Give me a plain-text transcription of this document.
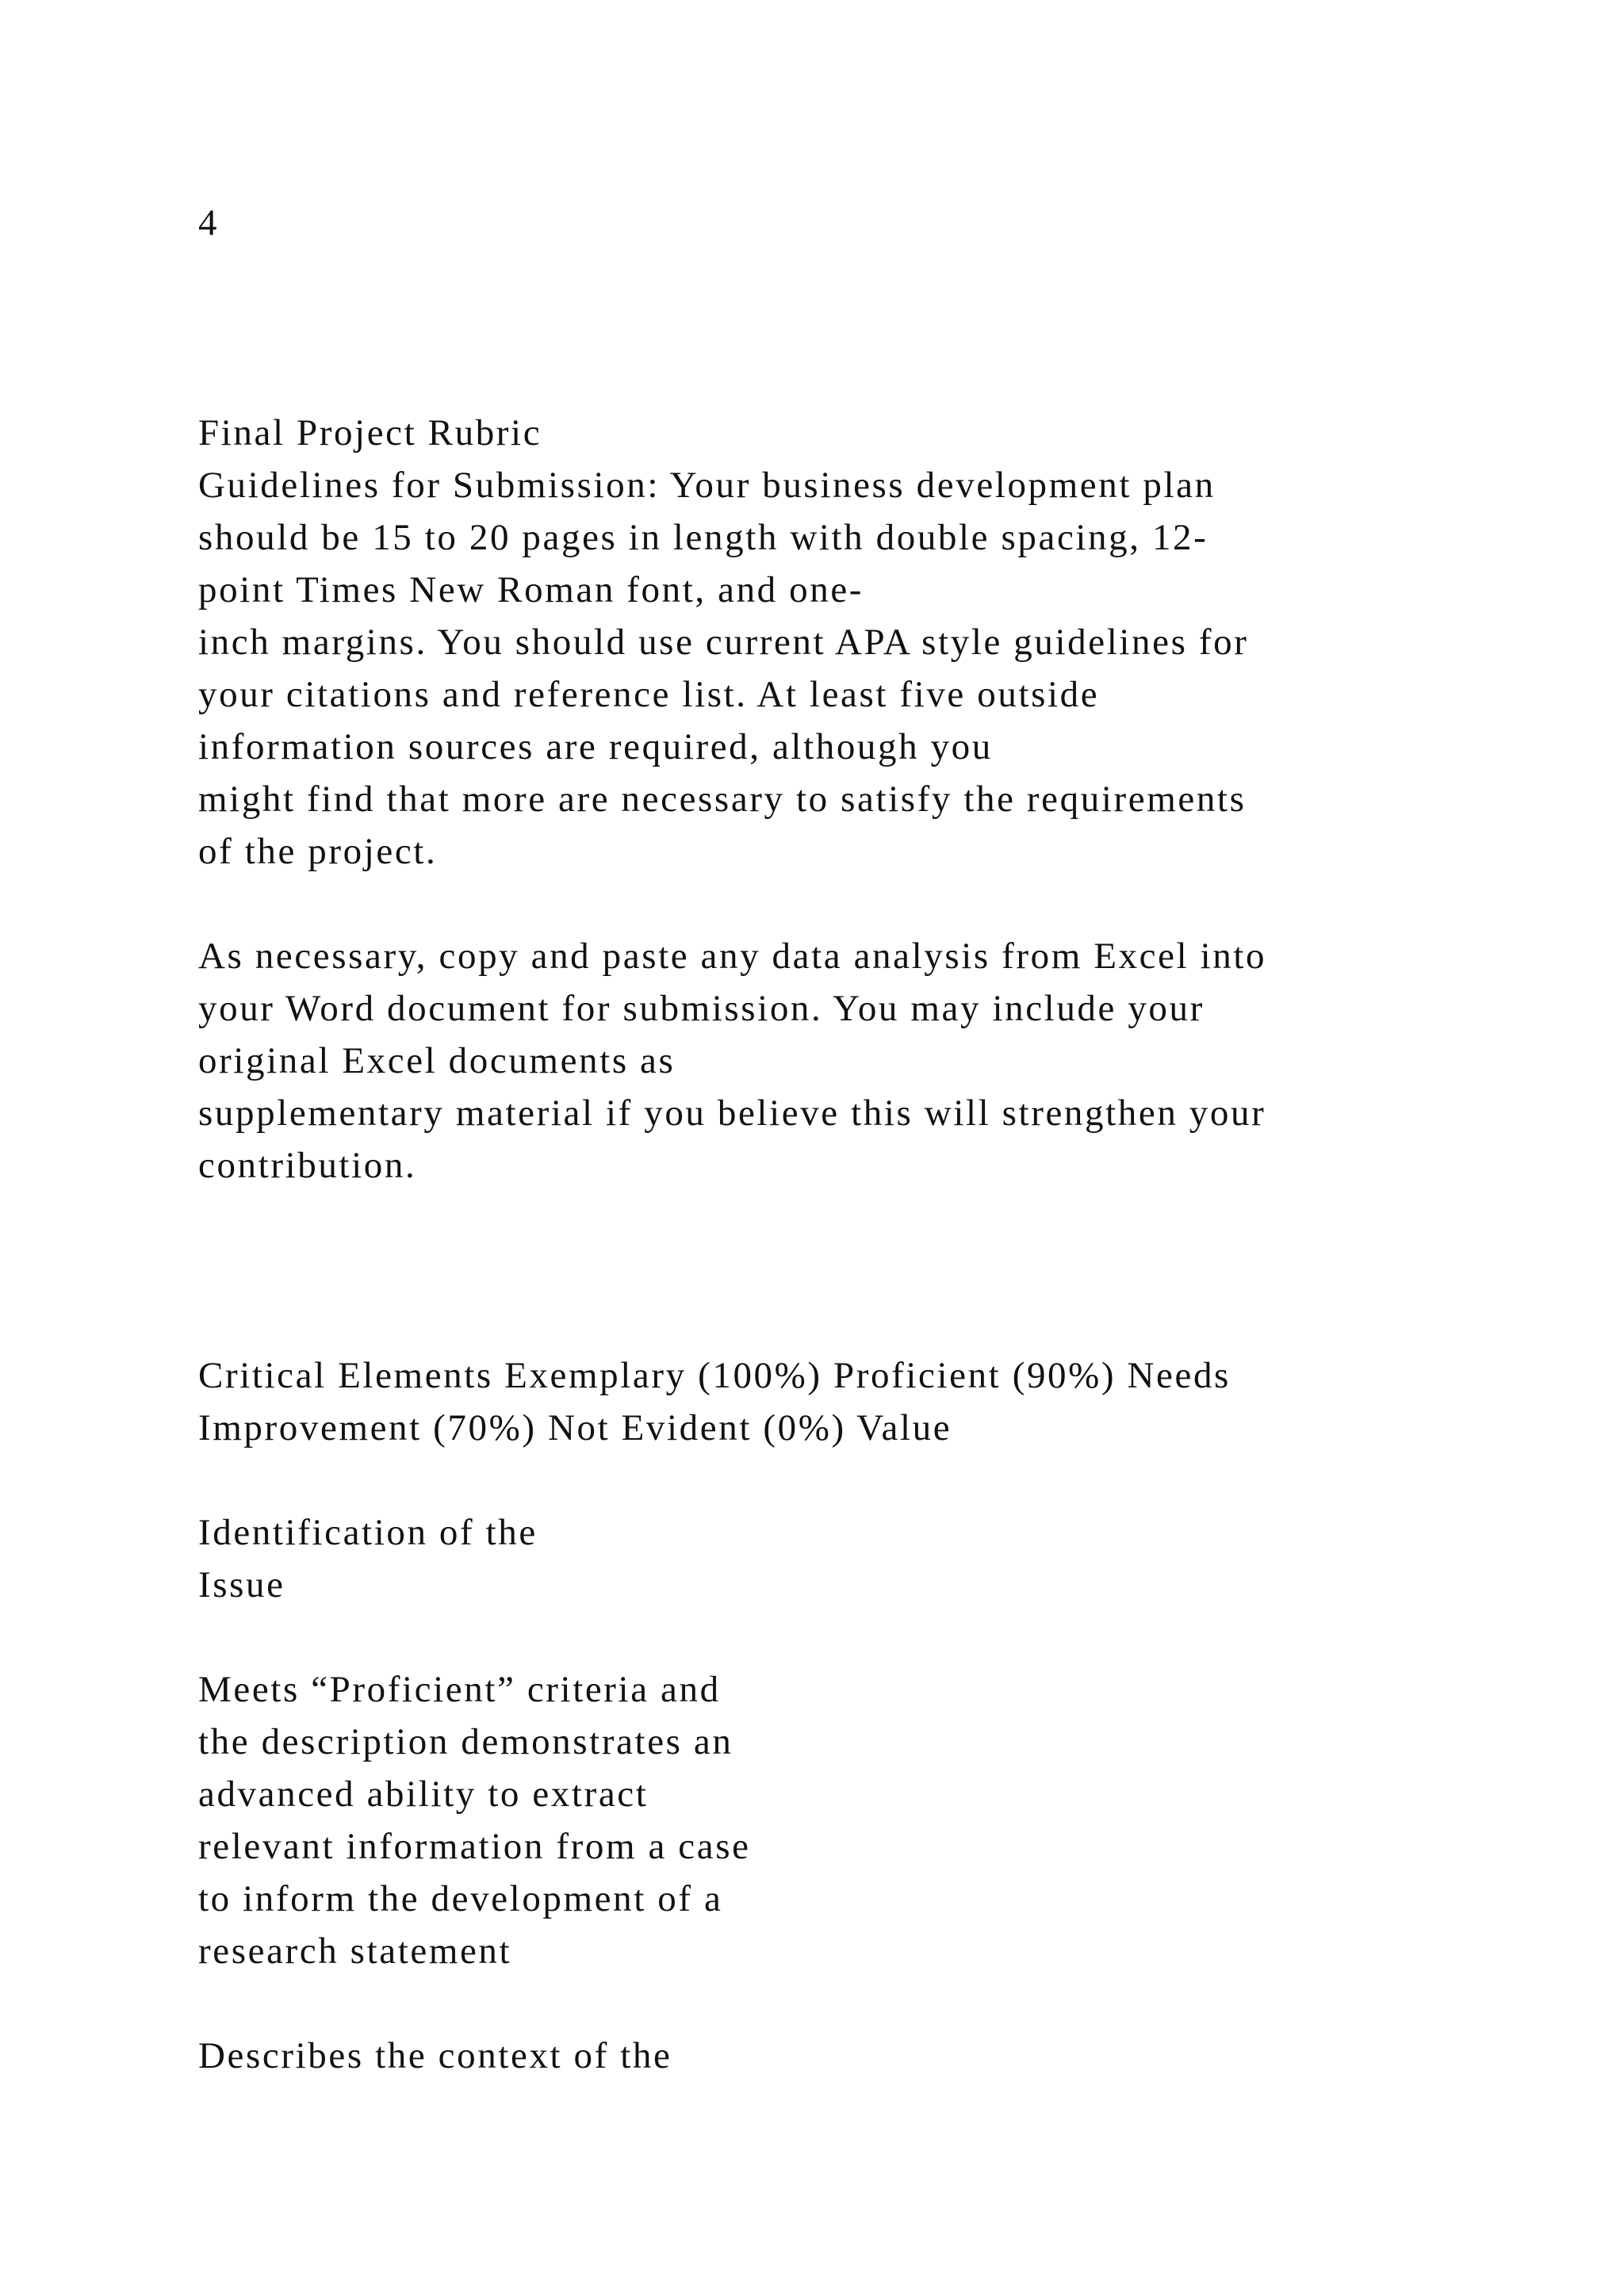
4
Final Project Rubric
Guidelines for Submission: Your business development plan
should be 15 to 20 pages in length with double spacing, 12-
point Times New Roman font, and one-
inch margins. You should use current APA style guidelines for
your citations and reference list. At least five outside
information sources are required, although you
might find that more are necessary to satisfy the requirements
of the project.
As necessary, copy and paste any data analysis from Excel into
your Word document for submission. You may include your
original Excel documents as
supplementary material if you believe this will strengthen your
contribution.
Critical Elements Exemplary (100%) Proficient (90%) Needs
Improvement (70%) Not Evident (0%) Value
Identification of the
Issue
Meets “Proficient” criteria and
the description demonstrates an
advanced ability to extract
relevant information from a case
to inform the development of a
research statement
Describes the context of the
